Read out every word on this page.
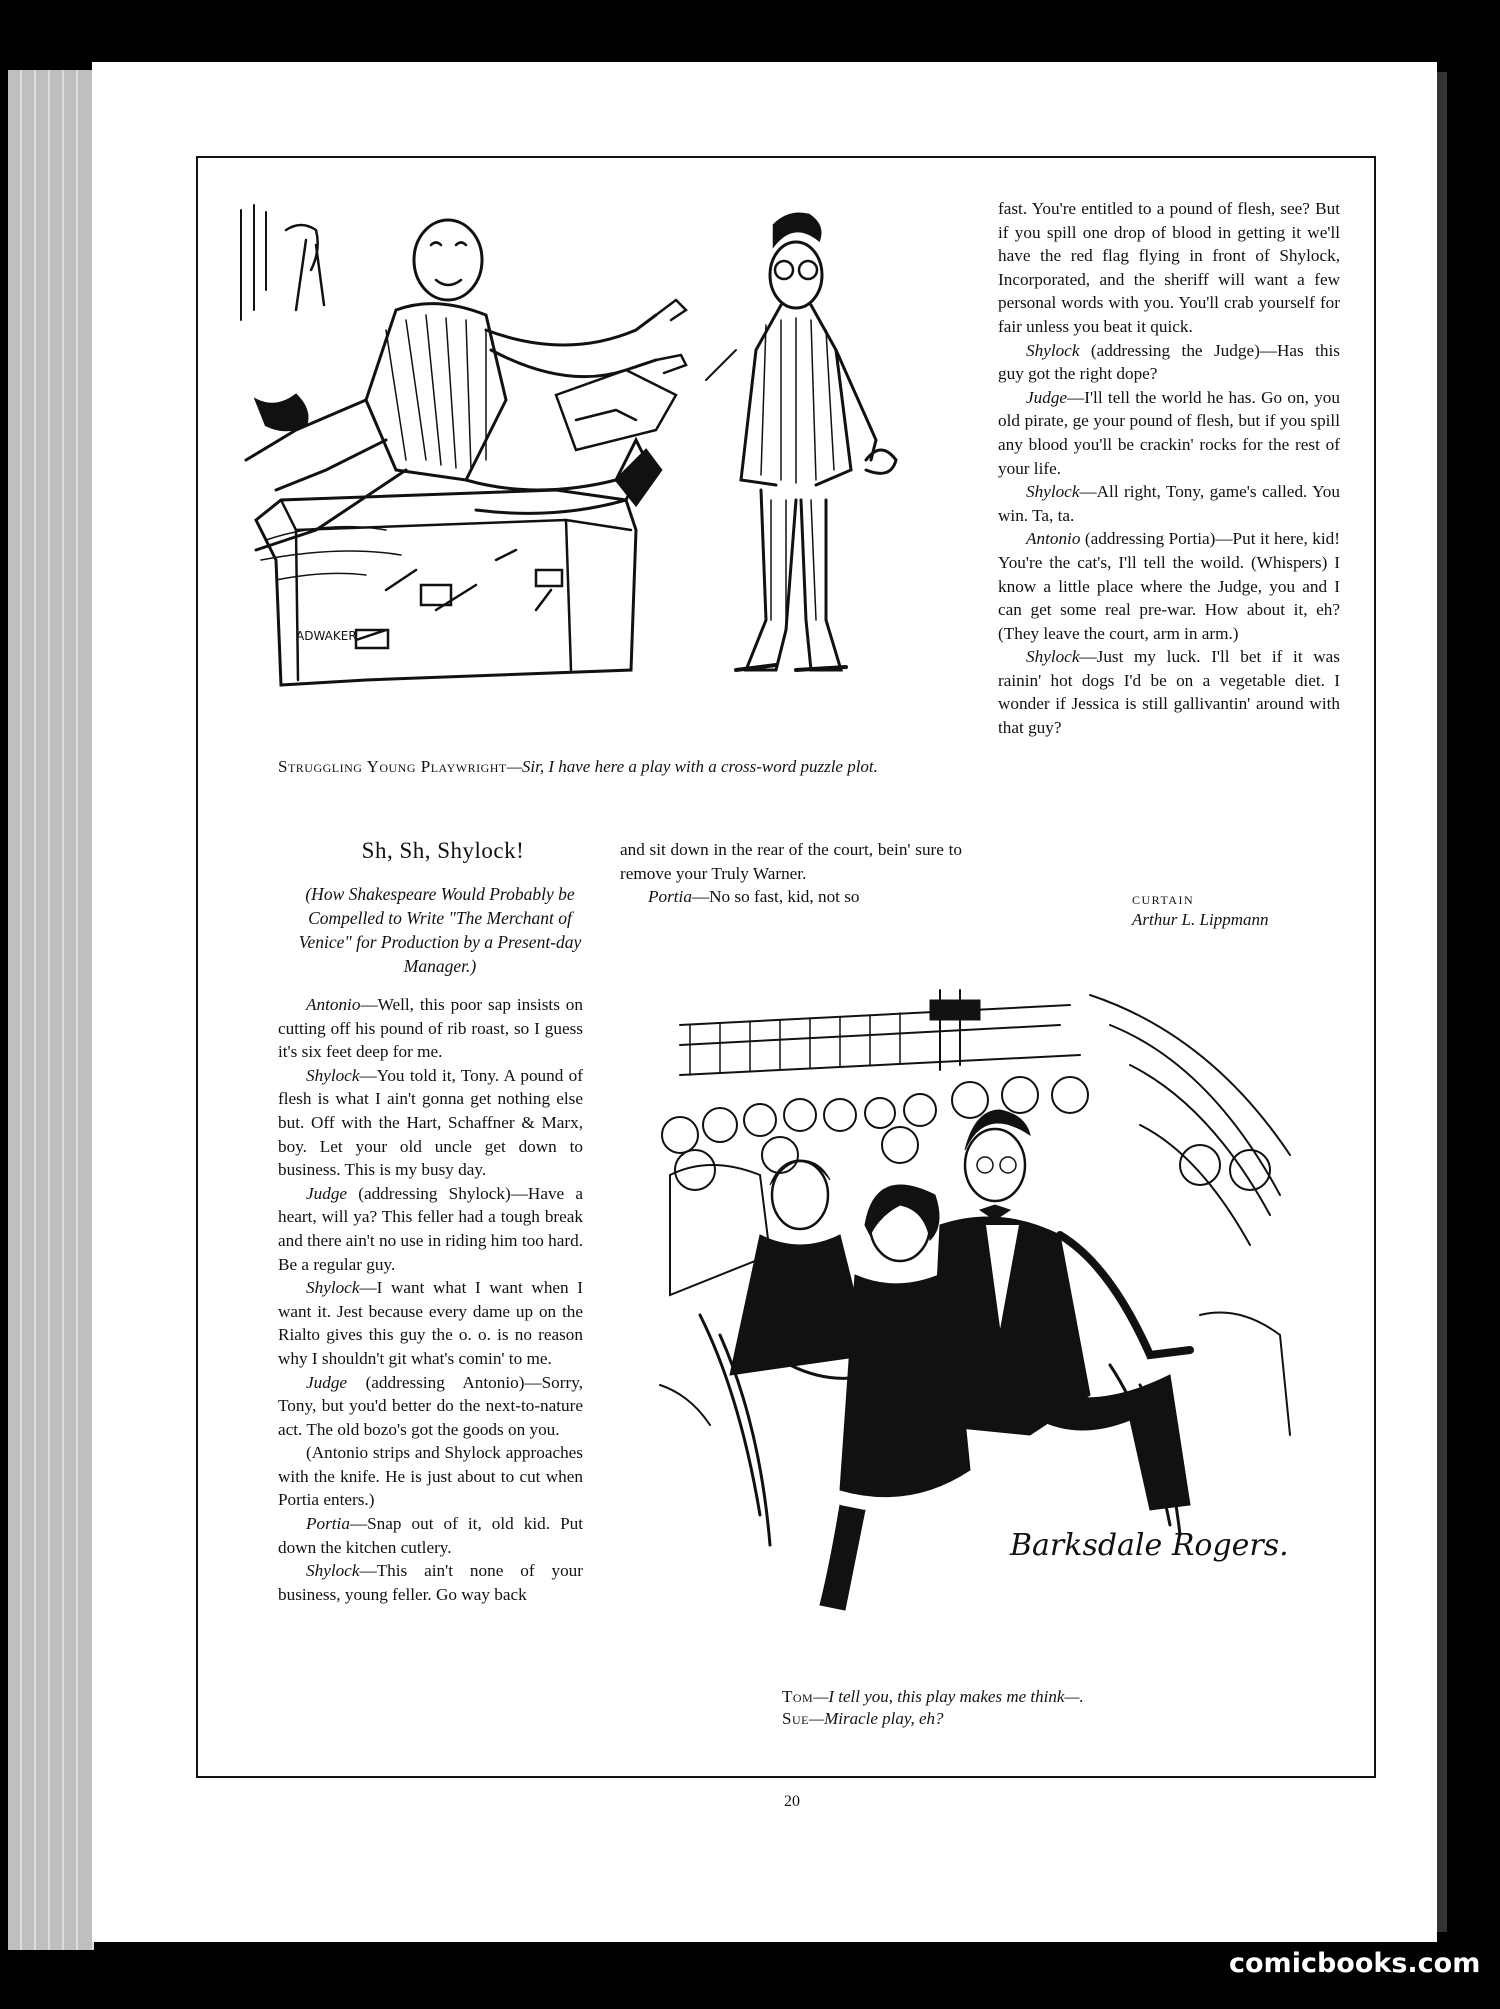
ADWAKER
Struggling Young Playwright—Sir, I have here a play with a cross-word puzzle plot.
Sh, Sh, Shylock!
(How Shakespeare Would Probably be Compelled to Write "The Merchant of Venice" for Production by a Present-day Manager.)

Antonio—Well, this poor sap insists on cutting off his pound of rib roast, so I guess it's six feet deep for me.

Shylock—You told it, Tony. A pound of flesh is what I ain't gonna get nothing else but. Off with the Hart, Schaffner & Marx, boy. Let your old uncle get down to business. This is my busy day.

Judge (addressing Shylock)—Have a heart, will ya? This feller had a tough break and there ain't no use in riding him too hard. Be a regular guy.

Shylock—I want what I want when I want it. Jest because every dame up on the Rialto gives this guy the o. o. is no reason why I shouldn't git what's comin' to me.

Judge (addressing Antonio)—Sorry, Tony, but you'd better do the next-to-nature act. The old bozo's got the goods on you.

(Antonio strips and Shylock approaches with the knife. He is just about to cut when Portia enters.)

Portia—Snap out of it, old kid. Put down the kitchen cutlery.

Shylock—This ain't none of your business, young feller. Go way back

and sit down in the rear of the court, bein' sure to remove your Truly Warner.

Portia—No so fast, kid, not so

fast. You're entitled to a pound of flesh, see? But if you spill one drop of blood in getting it we'll have the red flag flying in front of Shylock, Incorporated, and the sheriff will want a few personal words with you. You'll crab yourself for fair unless you beat it quick.

Shylock (addressing the Judge)—Has this guy got the right dope?

Judge—I'll tell the world he has. Go on, you old pirate, ge your pound of flesh, but if you spill any blood you'll be crackin' rocks for the rest of your life.

Shylock—All right, Tony, game's called. You win. Ta, ta.

Antonio (addressing Portia)—Put it here, kid! You're the cat's, I'll tell the woild. (Whispers) I know a little place where the Judge, you and I can get some real pre-war. How about it, eh? (They leave the court, arm in arm.)

Shylock—Just my luck. I'll bet if it was rainin' hot dogs I'd be on a vegetable diet. I wonder if Jessica is still gallivantin' around with that guy?

CURTAIN
Arthur L. Lippmann
Barksdale Rogers.
Tom—I tell you, this play makes me think—.
Sue—Miracle play, eh?
20
comicbooks.com
